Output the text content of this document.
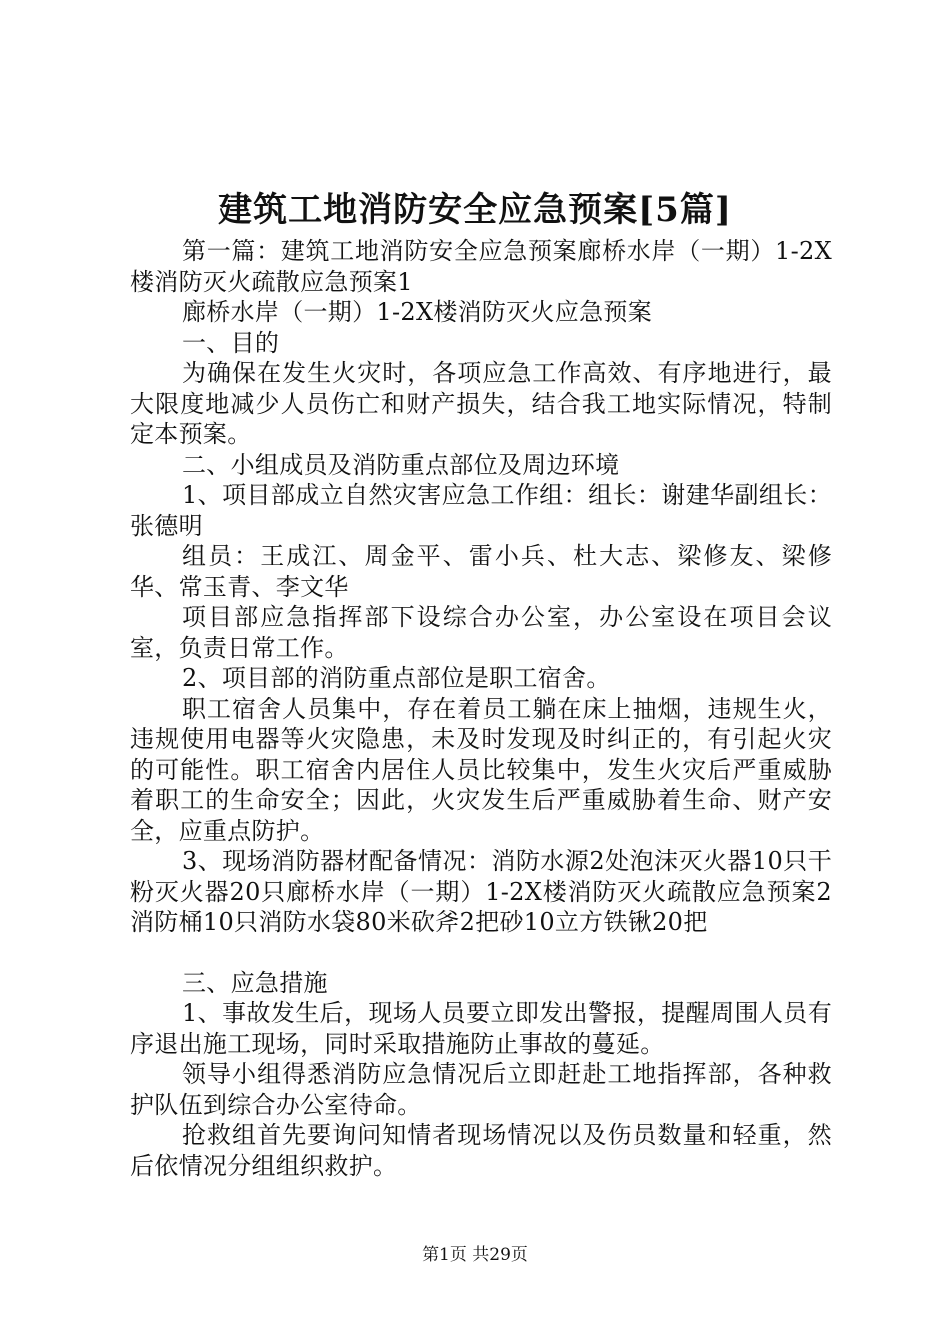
建筑工地消防安全应急预案[5篇]

第一篇：建筑工地消防安全应急预案廊桥水岸（一期）1-2X楼消防灭火疏散应急预案1

廊桥水岸（一期）1-2X楼消防灭火应急预案

一、目的

为确保在发生火灾时，各项应急工作高效、有序地进行，最大限度地减少人员伤亡和财产损失，结合我工地实际情况，特制定本预案。

二、小组成员及消防重点部位及周边环境

1、项目部成立自然灾害应急工作组：组长：谢建华副组长：张德明

组员：王成江、周金平、雷小兵、杜大志、梁修友、梁修华、常玉青、李文华

项目部应急指挥部下设综合办公室，办公室设在项目会议室，负责日常工作。

2、项目部的消防重点部位是职工宿舍。

职工宿舍人员集中，存在着员工躺在床上抽烟，违规生火，违规使用电器等火灾隐患，未及时发现及时纠正的，有引起火灾的可能性。职工宿舍内居住人员比较集中，发生火灾后严重威胁着职工的生命安全；因此，火灾发生后严重威胁着生命、财产安全，应重点防护。

3、现场消防器材配备情况：消防水源2处泡沫灭火器10只干粉灭火器20只廊桥水岸（一期）1-2X楼消防灭火疏散应急预案2消防桶10只消防水袋80米砍斧2把砂10立方铁锹20把

三、应急措施

1、事故发生后，现场人员要立即发出警报，提醒周围人员有序退出施工现场，同时采取措施防止事故的蔓延。

领导小组得悉消防应急情况后立即赶赴工地指挥部，各种救护队伍到综合办公室待命。

抢救组首先要询问知情者现场情况以及伤员数量和轻重，然后依情况分组组织救护。

第1页 共29页
